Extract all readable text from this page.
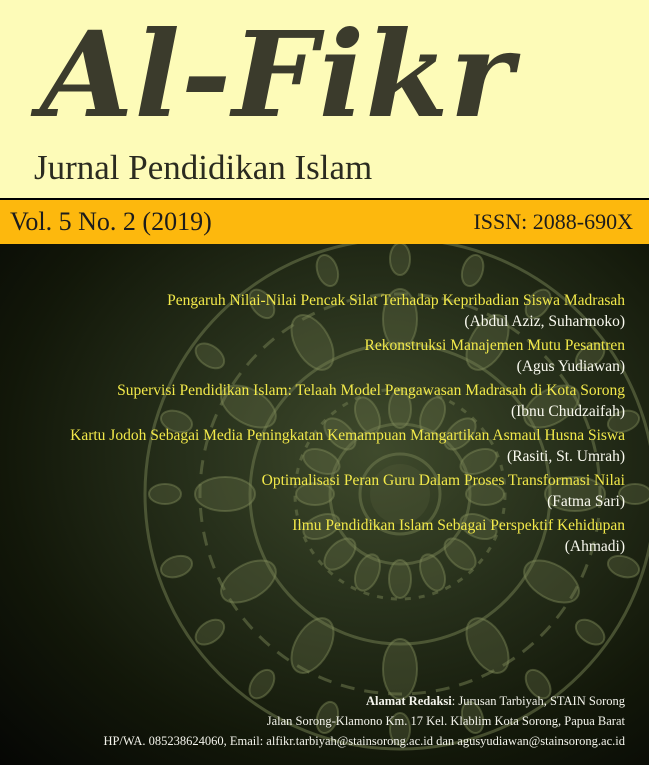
Al-Fikr
Jurnal Pendidikan Islam
Vol. 5 No. 2 (2019)	ISSN: 2088-690X
Pengaruh Nilai-Nilai Pencak Silat Terhadap Kepribadian Siswa Madrasah
(Abdul Aziz, Suharmoko)
Rekonstruksi Manajemen Mutu Pesantren
(Agus Yudiawan)
Supervisi Pendidikan Islam: Telaah Model Pengawasan Madrasah di Kota Sorong
(Ibnu Chudzaifah)
Kartu Jodoh Sebagai Media Peningkatan Kemampuan Mangartikan Asmaul Husna Siswa
(Rasiti, St. Umrah)
Optimalisasi Peran Guru Dalam Proses Transformasi Nilai
(Fatma Sari)
Ilmu Pendidikan Islam Sebagai Perspektif Kehidupan
(Ahmadi)
Alamat Redaksi: Jurusan Tarbiyah, STAIN Sorong
Jalan Sorong-Klamono Km. 17 Kel. Klablim Kota Sorong, Papua Barat
HP/WA. 085238624060, Email: alfikr.tarbiyah@stainsorong.ac.id dan agusyudiawan@stainsorong.ac.id
